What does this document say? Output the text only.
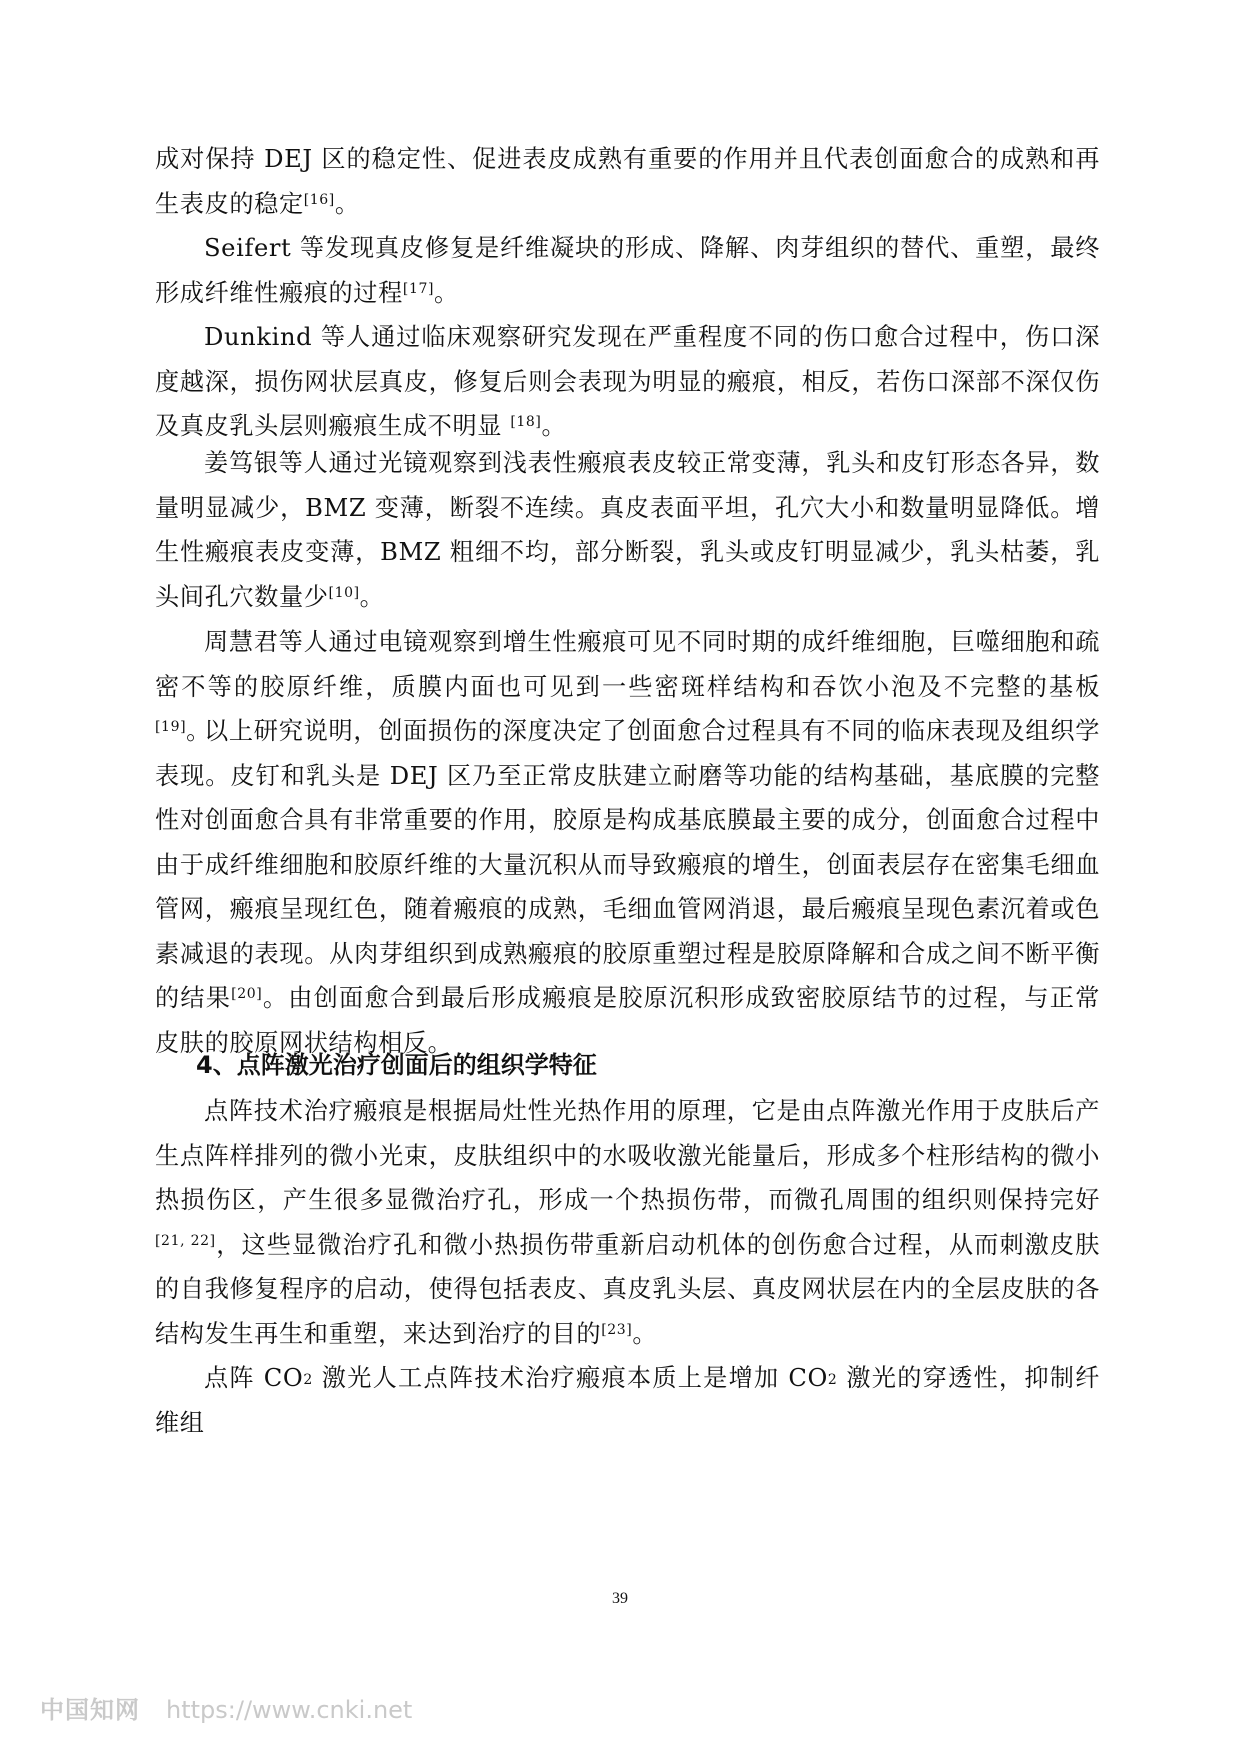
成对保持 DEJ 区的稳定性、促进表皮成熟有重要的作用并且代表创面愈合的成熟和再生表皮的稳定[16]。

Seifert 等发现真皮修复是纤维凝块的形成、降解、肉芽组织的替代、重塑，最终形成纤维性瘢痕的过程[17]。

Dunkind 等人通过临床观察研究发现在严重程度不同的伤口愈合过程中，伤口深度越深，损伤网状层真皮，修复后则会表现为明显的瘢痕，相反，若伤口深部不深仅伤及真皮乳头层则瘢痕生成不明显 [18]。

姜笃银等人通过光镜观察到浅表性瘢痕表皮较正常变薄，乳头和皮钉形态各异，数量明显减少，BMZ 变薄，断裂不连续。真皮表面平坦，孔穴大小和数量明显降低。增生性瘢痕表皮变薄，BMZ 粗细不均，部分断裂，乳头或皮钉明显减少，乳头枯萎，乳头间孔穴数量少[10]。

周慧君等人通过电镜观察到增生性瘢痕可见不同时期的成纤维细胞，巨噬细胞和疏密不等的胶原纤维，质膜内面也可见到一些密斑样结构和吞饮小泡及不完整的基板[19]。

以上研究说明，创面损伤的深度决定了创面愈合过程具有不同的临床表现及组织学表现。皮钉和乳头是 DEJ 区乃至正常皮肤建立耐磨等功能的结构基础，基底膜的完整性对创面愈合具有非常重要的作用，胶原是构成基底膜最主要的成分，创面愈合过程中由于成纤维细胞和胶原纤维的大量沉积从而导致瘢痕的增生，创面表层存在密集毛细血管网，瘢痕呈现红色，随着瘢痕的成熟，毛细血管网消退，最后瘢痕呈现色素沉着或色素减退的表现。从肉芽组织到成熟瘢痕的胶原重塑过程是胶原降解和合成之间不断平衡的结果[20]。由创面愈合到最后形成瘢痕是胶原沉积形成致密胶原结节的过程，与正常皮肤的胶原网状结构相反。

4、点阵激光治疗创面后的组织学特征

点阵技术治疗瘢痕是根据局灶性光热作用的原理，它是由点阵激光作用于皮肤后产生点阵样排列的微小光束，皮肤组织中的水吸收激光能量后，形成多个柱形结构的微小热损伤区，产生很多显微治疗孔，形成一个热损伤带，而微孔周围的组织则保持完好[21, 22]，这些显微治疗孔和微小热损伤带重新启动机体的创伤愈合过程，从而刺激皮肤的自我修复程序的启动，使得包括表皮、真皮乳头层、真皮网状层在内的全层皮肤的各结构发生再生和重塑，来达到治疗的目的[23]。

点阵 $CO_2$ 激光人工点阵技术治疗瘢痕本质上是增加 $CO_2$ 激光的穿透性，抑制纤维组

39
中国知网 https://www.cnki.net
